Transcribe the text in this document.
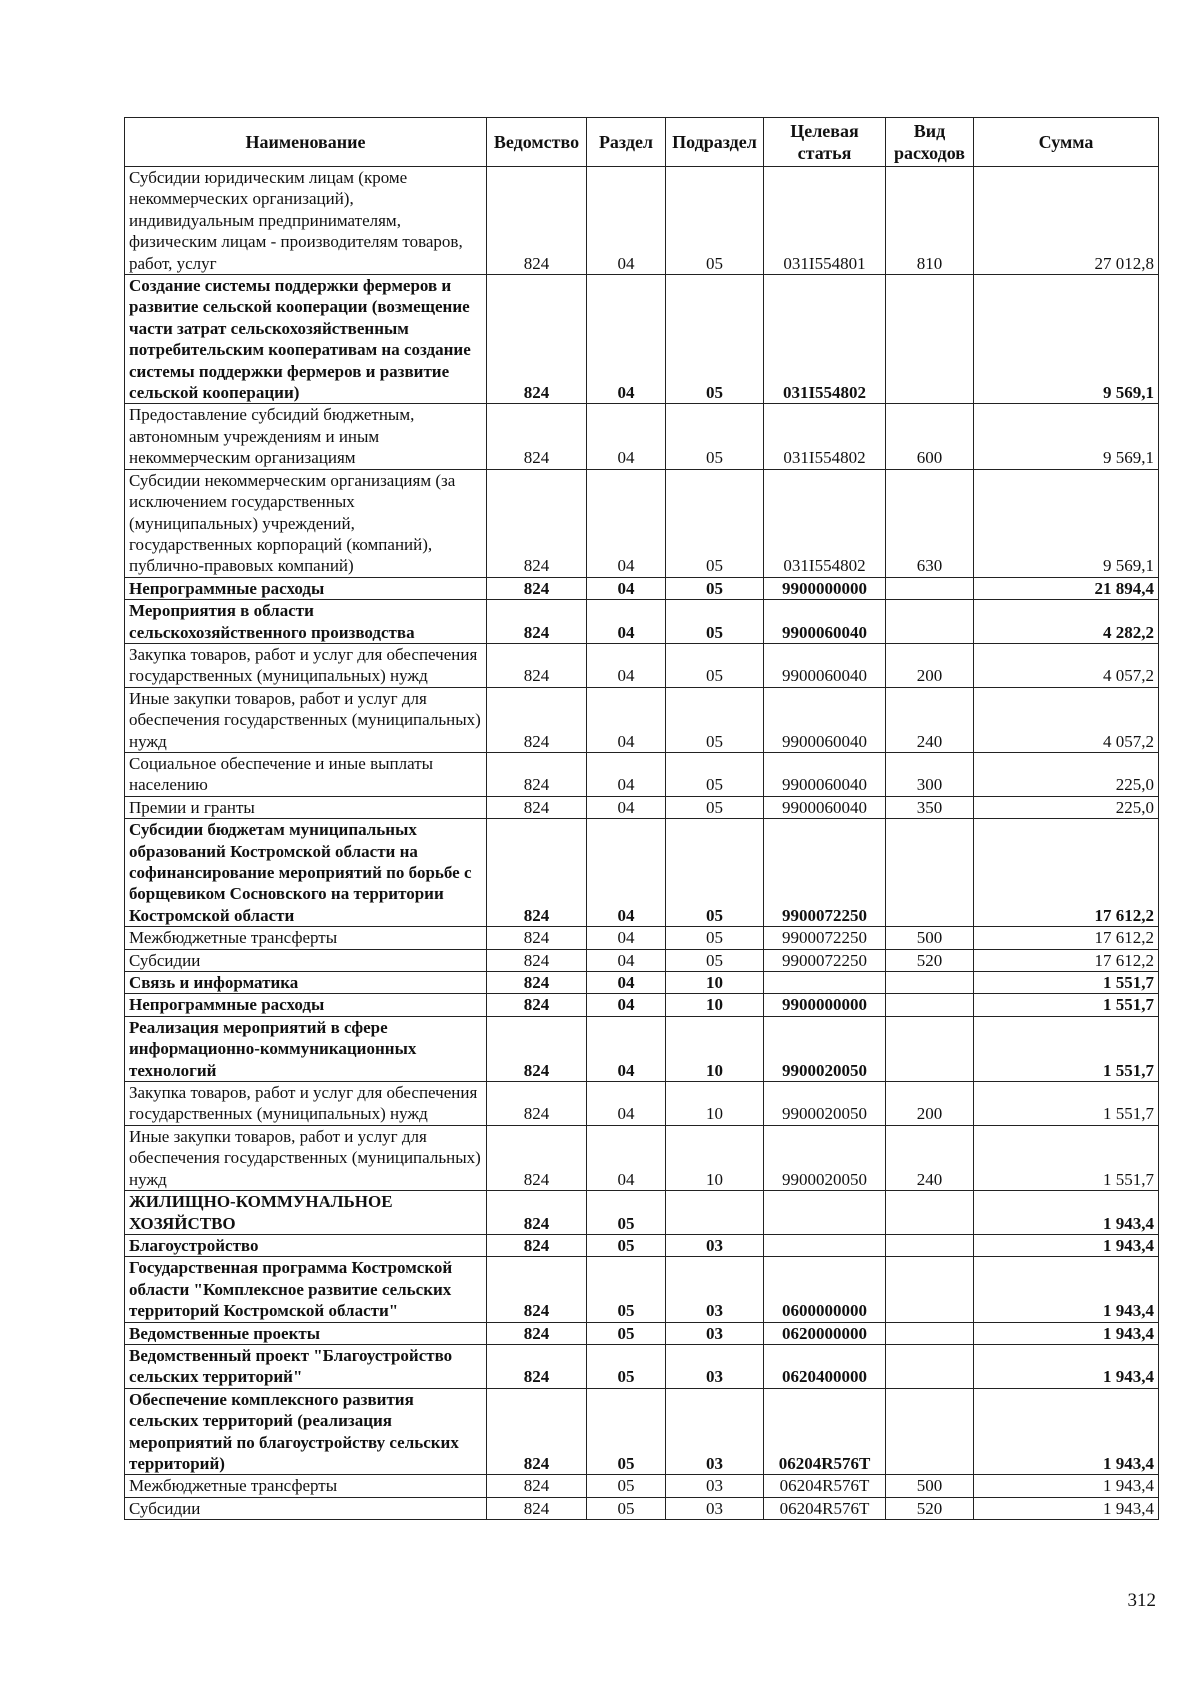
Наименование	Ведомство	Раздел	Подраздел	Целевая статья	Вид расходов	Сумма
Субсидии юридическим лицам (кроме некоммерческих организаций), индивидуальным предпринимателям, физическим лицам - производителям товаров, работ, услуг	824	04	05	031I554801	810	27 012,8
Создание системы поддержки фермеров и развитие сельской кооперации (возмещение части затрат сельскохозяйственным потребительским кооперативам на создание системы поддержки фермеров и развитие сельской кооперации)	824	04	05	031I554802		9 569,1
Предоставление субсидий бюджетным, автономным учреждениям и иным некоммерческим организациям	824	04	05	031I554802	600	9 569,1
Субсидии некоммерческим организациям (за исключением государственных (муниципальных) учреждений, государственных корпораций (компаний), публично-правовых компаний)	824	04	05	031I554802	630	9 569,1
Непрограммные расходы	824	04	05	9900000000		21 894,4
Мероприятия в области сельскохозяйственного производства	824	04	05	9900060040		4 282,2
Закупка товаров, работ и услуг для обеспечения государственных (муниципальных) нужд	824	04	05	9900060040	200	4 057,2
Иные закупки товаров, работ и услуг для обеспечения государственных (муниципальных) нужд	824	04	05	9900060040	240	4 057,2
Социальное обеспечение и иные выплаты населению	824	04	05	9900060040	300	225,0
Премии и гранты	824	04	05	9900060040	350	225,0
Субсидии бюджетам муниципальных образований Костромской области на софинансирование мероприятий по борьбе с борщевиком Сосновского на территории Костромской области	824	04	05	9900072250		17 612,2
Межбюджетные трансферты	824	04	05	9900072250	500	17 612,2
Субсидии	824	04	05	9900072250	520	17 612,2
Связь и информатика	824	04	10			1 551,7
Непрограммные расходы	824	04	10	9900000000		1 551,7
Реализация мероприятий в сфере информационно-коммуникационных технологий	824	04	10	9900020050		1 551,7
Закупка товаров, работ и услуг для обеспечения государственных (муниципальных) нужд	824	04	10	9900020050	200	1 551,7
Иные закупки товаров, работ и услуг для обеспечения государственных (муниципальных) нужд	824	04	10	9900020050	240	1 551,7
ЖИЛИЩНО-КОММУНАЛЬНОЕ ХОЗЯЙСТВО	824	05				1 943,4
Благоустройство	824	05	03			1 943,4
Государственная программа Костромской области "Комплексное развитие сельских территорий Костромской области"	824	05	03	0600000000		1 943,4
Ведомственные проекты	824	05	03	0620000000		1 943,4
Ведомственный проект "Благоустройство сельских территорий"	824	05	03	0620400000		1 943,4
Обеспечение комплексного развития сельских территорий (реализация мероприятий по благоустройству сельских территорий)	824	05	03	06204R576T		1 943,4
Межбюджетные трансферты	824	05	03	06204R576T	500	1 943,4
Субсидии	824	05	03	06204R576T	520	1 943,4
312
